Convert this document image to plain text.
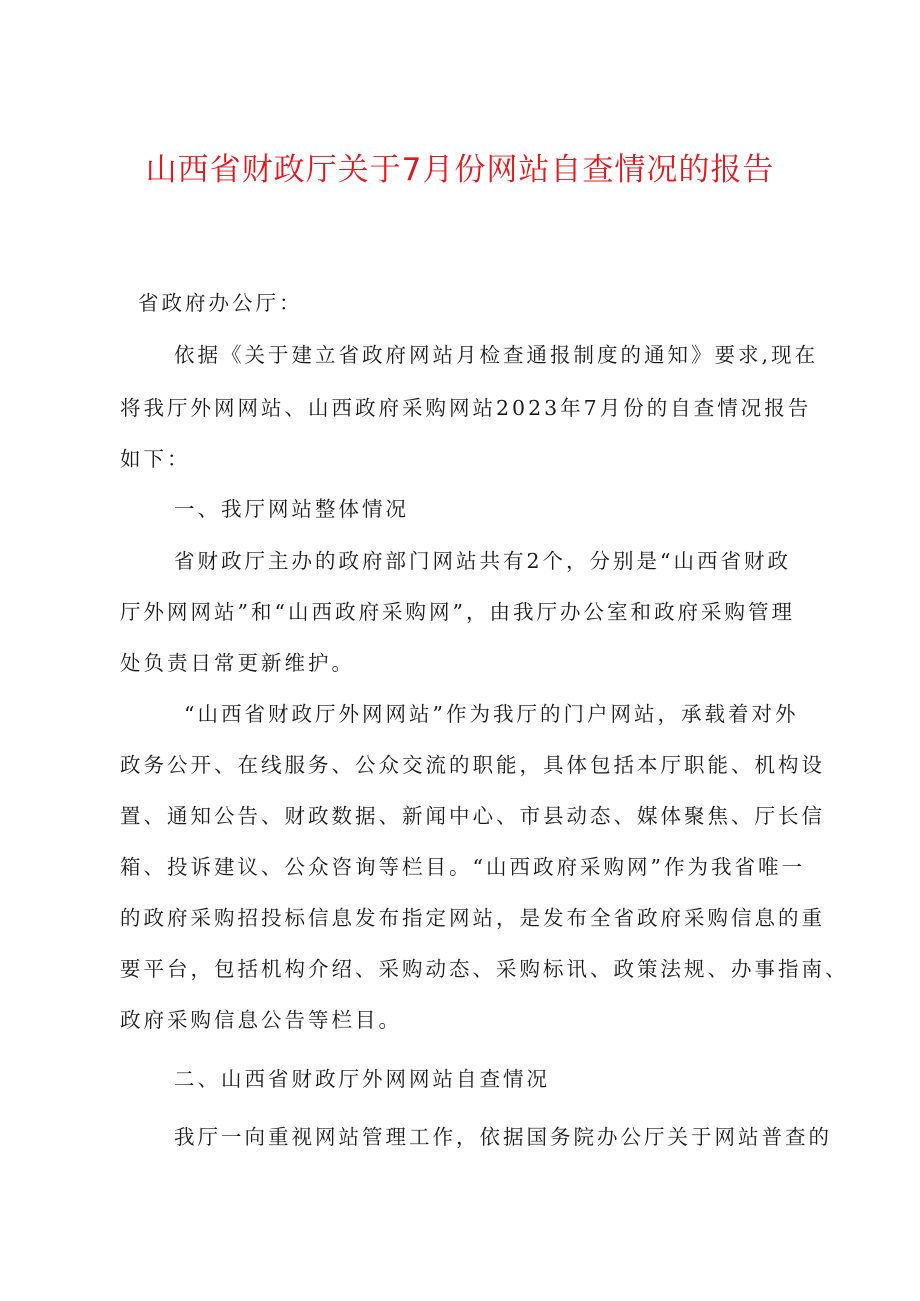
山西省财政厅关于7月份网站自查情况的报告
省政府办公厅：
依据《关于建立省政府网站月检查通报制度的通知》要求,现在
将我厅外网网站、山西政府采购网站2023年7月份的自查情况报告
如下：
一、我厅网站整体情况
省财政厅主办的政府部门网站共有2个，分别是“山西省财政
厅外网网站”和“山西政府采购网”，由我厅办公室和政府采购管理
处负责日常更新维护。
“山西省财政厅外网网站”作为我厅的门户网站，承载着对外
政务公开、在线服务、公众交流的职能，具体包括本厅职能、机构设
置、通知公告、财政数据、新闻中心、市县动态、媒体聚焦、厅长信
箱、投诉建议、公众咨询等栏目。“山西政府采购网”作为我省唯一
的政府采购招投标信息发布指定网站，是发布全省政府采购信息的重
要平台，包括机构介绍、采购动态、采购标讯、政策法规、办事指南、
政府采购信息公告等栏目。
二、山西省财政厅外网网站自查情况
我厅一向重视网站管理工作，依据国务院办公厅关于网站普查的
